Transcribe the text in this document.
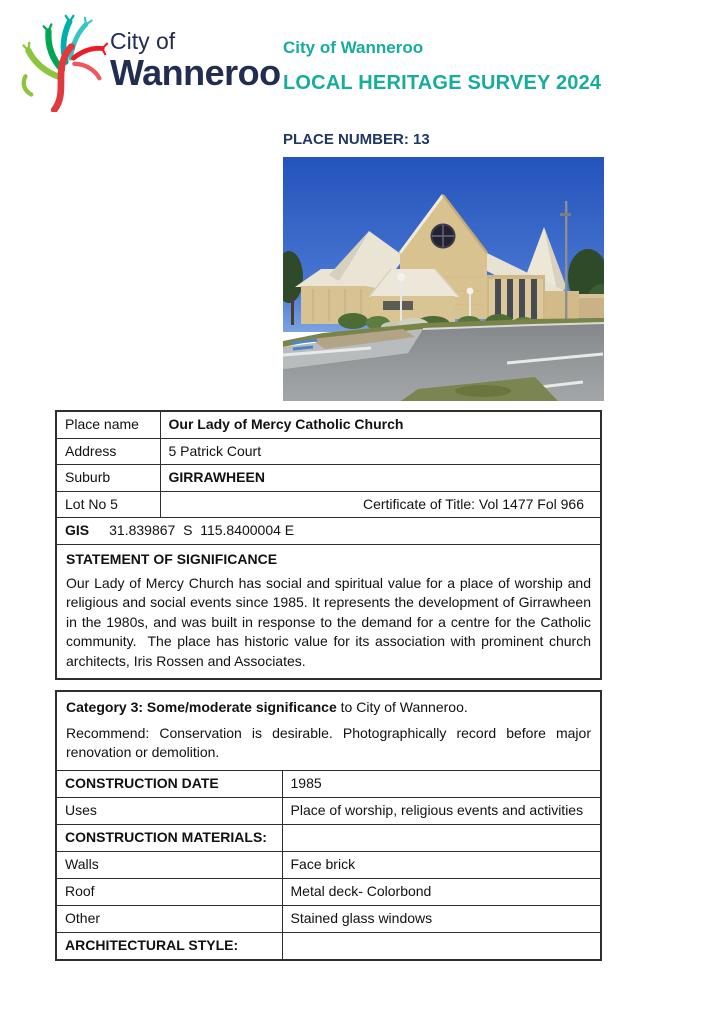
City of
Wanneroo
City of Wanneroo
LOCAL HERITAGE SURVEY 2024
PLACE NUMBER: 13
Place name	Our Lady of Mercy Catholic Church
Address	5 Patrick Court
Suburb	GIRRAWHEEN
Lot No 5	Certificate of Title: Vol 1477 Fol 966
GIS 31.839867  S  115.8400004 E	

STATEMENT OF SIGNIFICANCE

Our Lady of Mercy Church has social and spiritual value for a place of worship and religious and social events since 1985. It represents the development of Girrawheen in the 1980s, and was built in response to the demand for a centre for the Catholic community.  The place has historic value for its association with prominent church architects, Iris Rossen and Associates.	

Category 3: Some/moderate significance to City of Wanneroo.

Recommend: Conservation is desirable. Photographically record before major renovation or demolition.	

CONSTRUCTION DATE	1985
Uses	Place of worship, religious events and activities
CONSTRUCTION MATERIALS:	
Walls	Face brick
Roof	Metal deck- Colorbond
Other	Stained glass windows
ARCHITECTURAL STYLE:	
